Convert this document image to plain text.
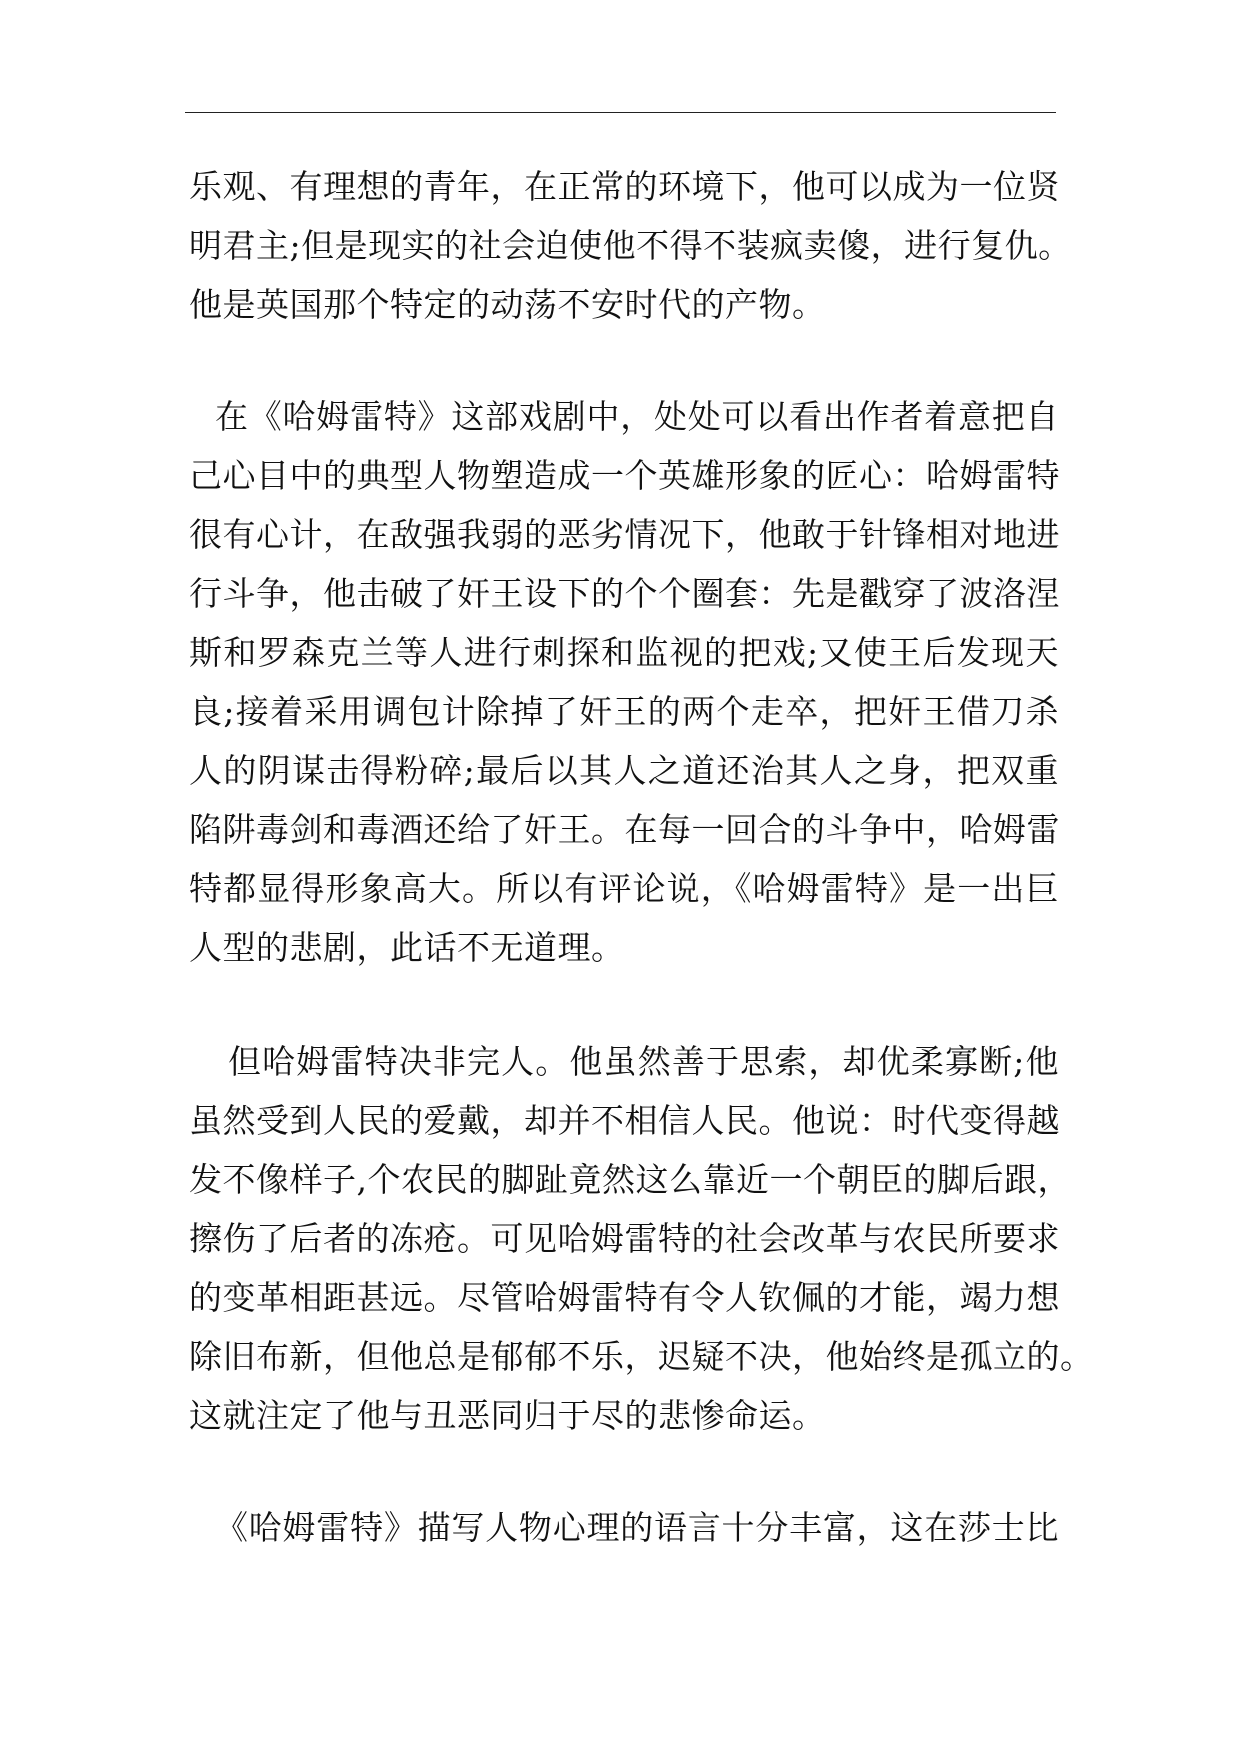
乐观、有理想的青年，在正常的环境下，他可以成为一位贤
明君主;但是现实的社会迫使他不得不装疯卖傻，进行复仇。
他是英国那个特定的动荡不安时代的产物。
在《哈姆雷特》这部戏剧中，处处可以看出作者着意把自
己心目中的典型人物塑造成一个英雄形象的匠心：哈姆雷特
很有心计，在敌强我弱的恶劣情况下，他敢于针锋相对地进
行斗争，他击破了奸王设下的个个圈套：先是戳穿了波洛涅
斯和罗森克兰等人进行刺探和监视的把戏;又使王后发现天
良;接着采用调包计除掉了奸王的两个走卒，把奸王借刀杀
人的阴谋击得粉碎;最后以其人之道还治其人之身，把双重
陷阱毒剑和毒酒还给了奸王。在每一回合的斗争中，哈姆雷
特都显得形象高大。所以有评论说，《哈姆雷特》是一出巨
人型的悲剧，此话不无道理。
但哈姆雷特决非完人。他虽然善于思索，却优柔寡断;他
虽然受到人民的爱戴，却并不相信人民。他说：时代变得越
发不像样子,个农民的脚趾竟然这么靠近一个朝臣的脚后跟，
擦伤了后者的冻疮。可见哈姆雷特的社会改革与农民所要求
的变革相距甚远。尽管哈姆雷特有令人钦佩的才能，竭力想
除旧布新，但他总是郁郁不乐，迟疑不决，他始终是孤立的。
这就注定了他与丑恶同归于尽的悲惨命运。
《哈姆雷特》描写人物心理的语言十分丰富，这在莎士比
